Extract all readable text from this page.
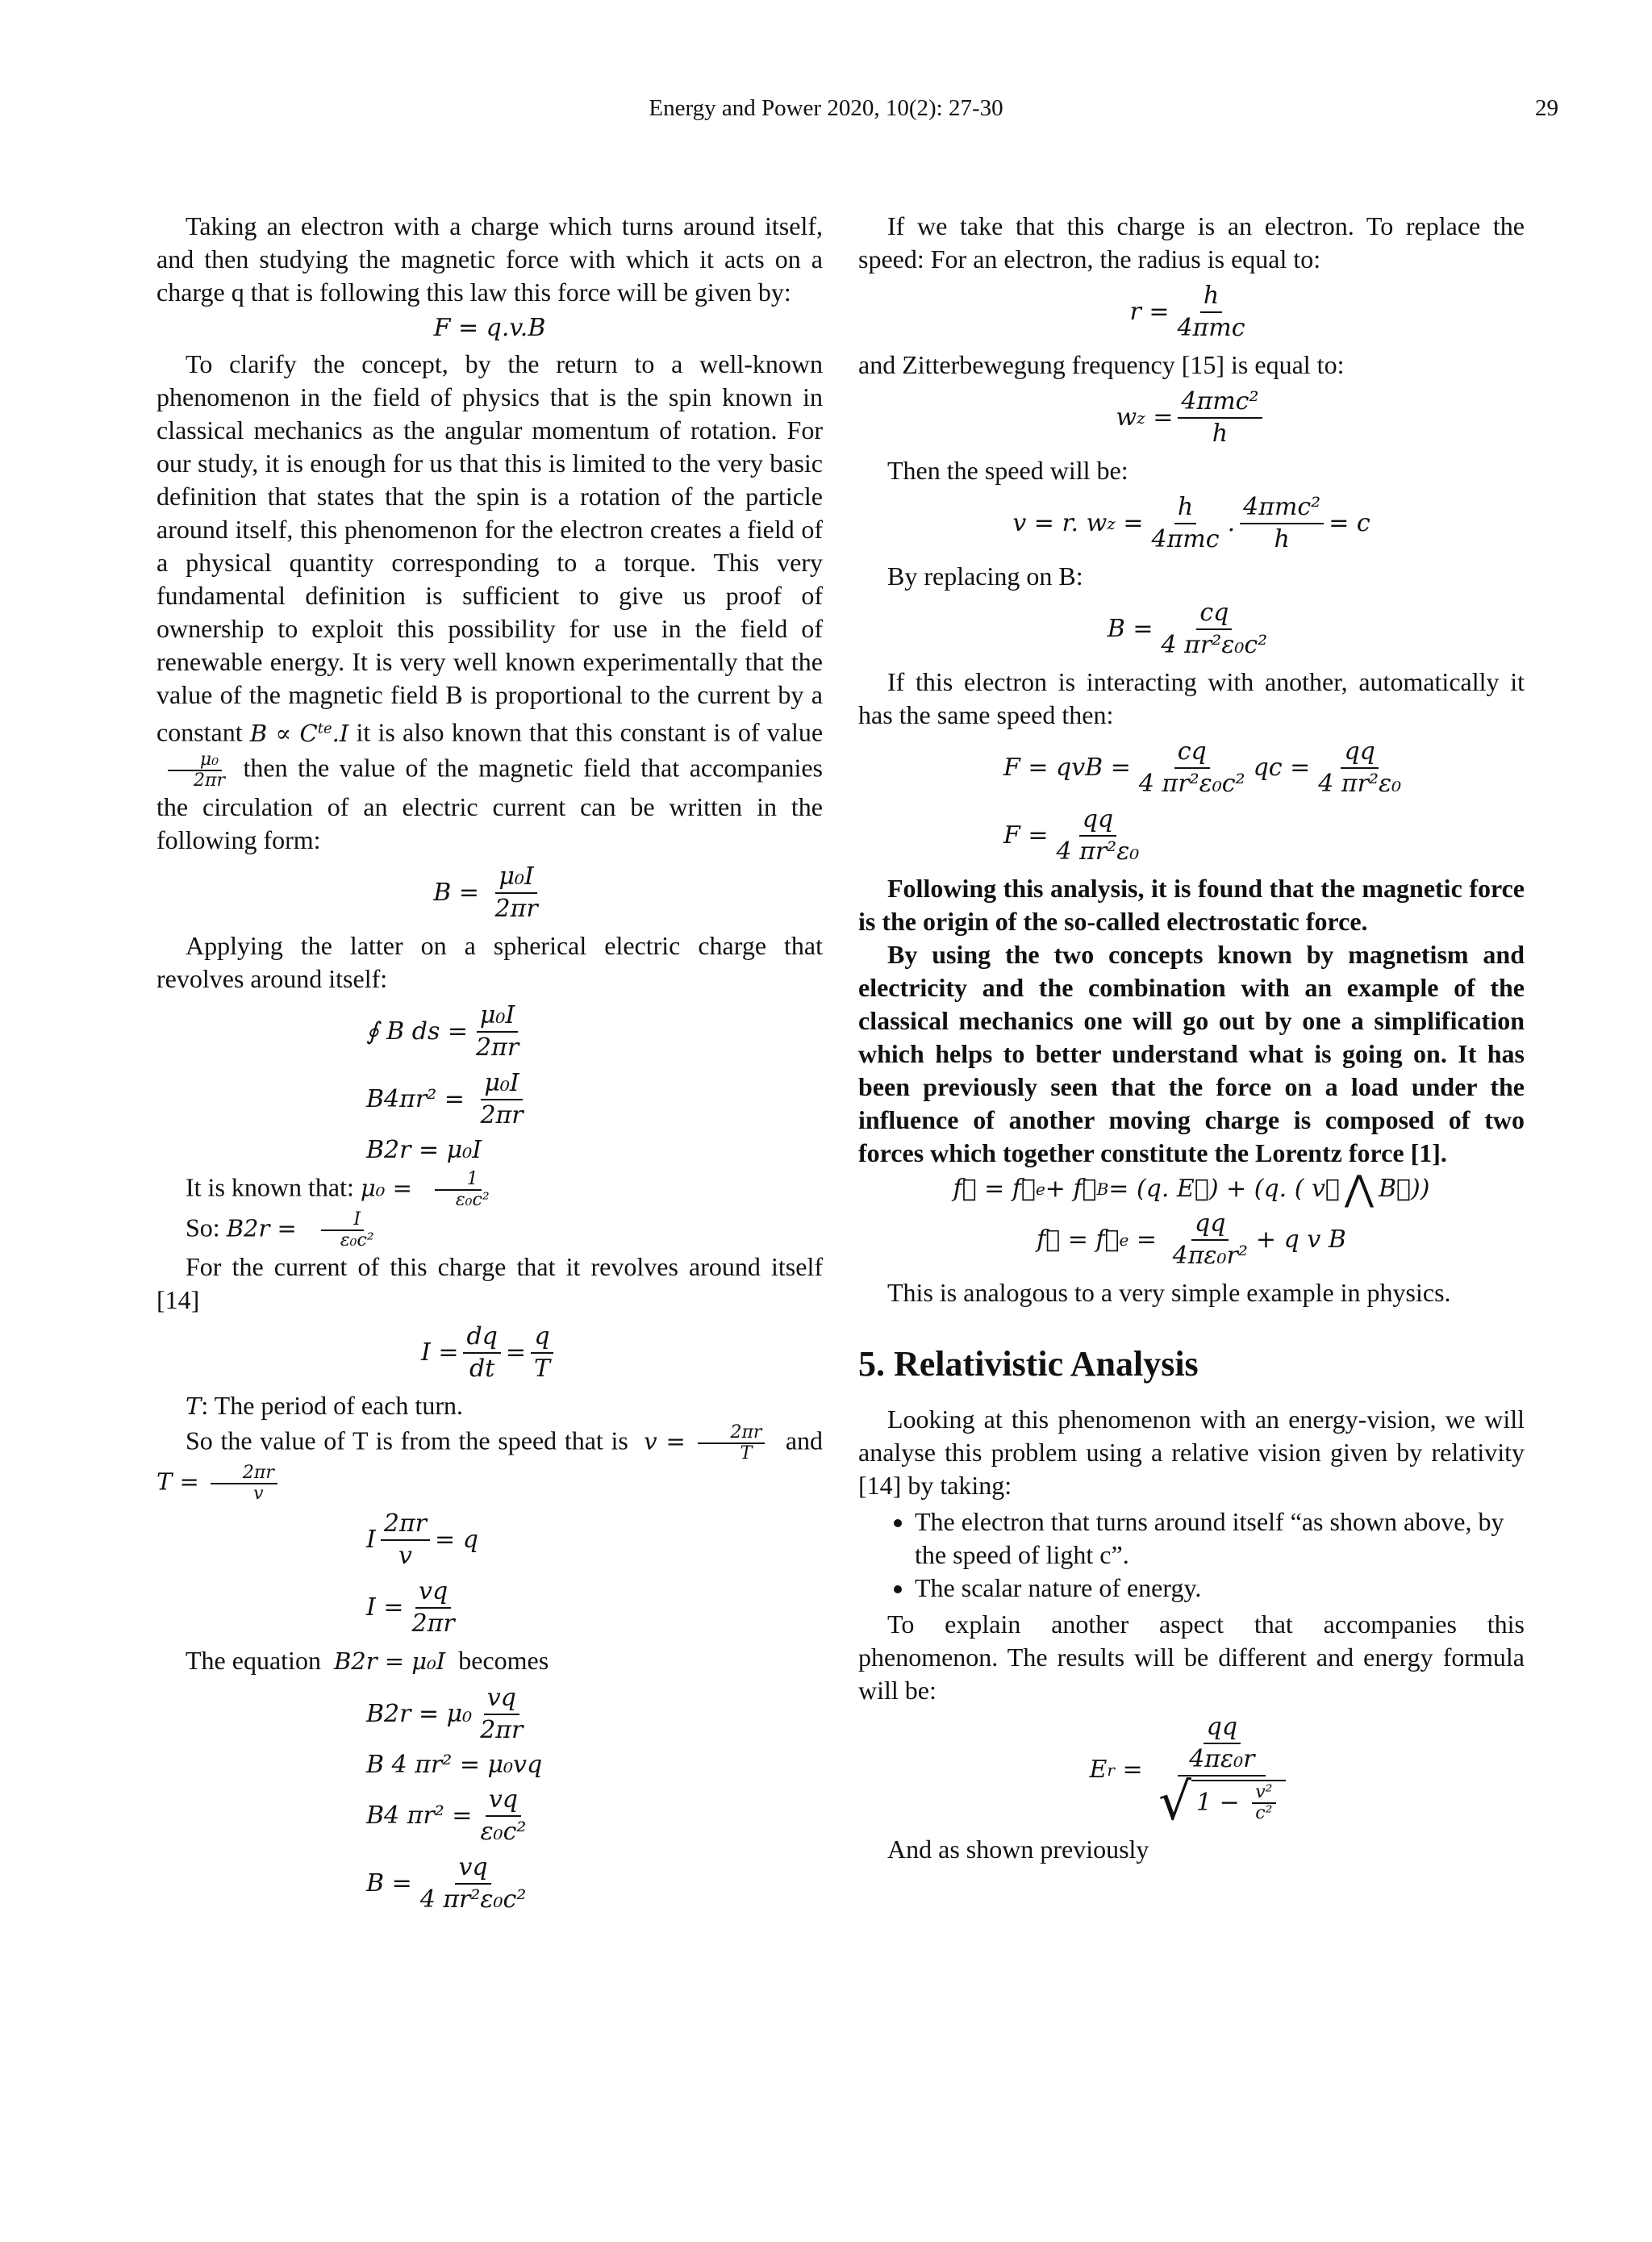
Energy and Power 2020, 10(2): 27-30	29

Taking an electron with a charge which turns around itself, and then studying the magnetic force with which it acts on a charge q that is following this law this force will be given by:

F = q.v.B

To clarify the concept, by the return to a well-known phenomenon in the field of physics that is the spin known in classical mechanics as the angular momentum of rotation. For our study, it is enough for us that this is limited to the very basic definition that states that the spin is a rotation of the particle around itself, this phenomenon for the electron creates a field of a physical quantity corresponding to a torque. This very fundamental definition is sufficient to give us proof of ownership to exploit this possibility for use in the field of renewable energy. It is very well known experimentally that the value of the magnetic field B is proportional to the current by a constant $B \propto C^{te}.I$ it is also known that this constant is of value
$\frac{\text{μ₀}}{2\pi r}$ then the value of the magnetic field that accompanies the circulation of an electric current can be written in the following form:

$B = \frac{\text{μ₀I}}{2\pi r}$

Applying the latter on a spherical electric charge that revolves around itself:

∮ B ds = $\frac{\text{μ₀I}}{2\pi r}$
$B4\pi r^2 = \frac{\text{μ₀I}}{2\pi r}$
B2r = μ₀I

It is known that: $\mu_0 = \frac{1}{\text{ε₀c²}}$

So: $B2r = \frac{I}{\text{ε₀c²}}$

For the current of this charge that it revolves around itself [14]

$I = \frac{dq}{dt} = \frac{q}{T}$

T: The period of each turn.

So the value of T is from the speed that is $v = \frac{2\pi r}{T}$ and $T = \frac{2\pi r}{v}$

I $\frac{2\pi r}{v} = q$
$I = \frac{vq}{2\pi r}$

The equation B2r = μ₀I becomes

$B2r = \mu_0 \frac{vq}{2\pi r}$
B 4 πr² = μ₀vq
B4 $\pi r^2 = \frac{vq}{\text{ε₀c²}}$
$B = \frac{vq}{\text{4 πr²ε₀c²}}$

If we take that this charge is an electron. To replace the speed: For an electron, the radius is equal to:

$r = \frac{h}{\text{4πmc}}$

and Zitterbewegung frequency [15] is equal to:

w $z = \frac{\text{4πmc²}}{h}$

Then the speed will be:

v = r. w $z = \frac{h}{\text{4πmc}}$ . $\frac{\text{4πmc²}}{h} = c$

By replacing on B:

$B = \frac{cq}{\text{4 πr²ε₀c²}}$

If this electron is interacting with another, automatically it has the same speed then:

F = qvB = $\frac{cq}{\text{4 πr²ε₀c²}}$ qc = $\frac{qq}{\text{4 πr²ε₀}}$
$F = \frac{qq}{\text{4 πr²ε₀}}$

Following this analysis, it is found that the magnetic force is the origin of the so-called electrostatic force.

By using the two concepts known by magnetism and electricity and the combination with an example of the classical mechanics one will go out by one a simplification which helps to better understand what is going on. It has been previously seen that the force on a load under the influence of another moving charge is composed of two forces which together constitute the Lorentz force [1].

f⃗ = f⃗ e + f⃗ B = (q. E⃗) + (q. ( v⃗ ⋀ B⃗))
f⃗ = f⃗ $e = \frac{qq}{\text{4πε₀r²}} + q$ v B

This is analogous to a very simple example in physics.

5. Relativistic Analysis

Looking at this phenomenon with an energy-vision, we will analyse this problem using a relative vision given by relativity [14] by taking:

• The electron that turns around itself “as shown above, by the speed of light c”.
• The scalar nature of energy.

To explain another aspect that accompanies this phenomenon. The results will be different and energy formula will be:

E $r = \frac{\frac{qq}{\text{4πε₀r}}}{√ 1 - \frac{\text{v²}}{\text{c²}}}$

And as shown previously
